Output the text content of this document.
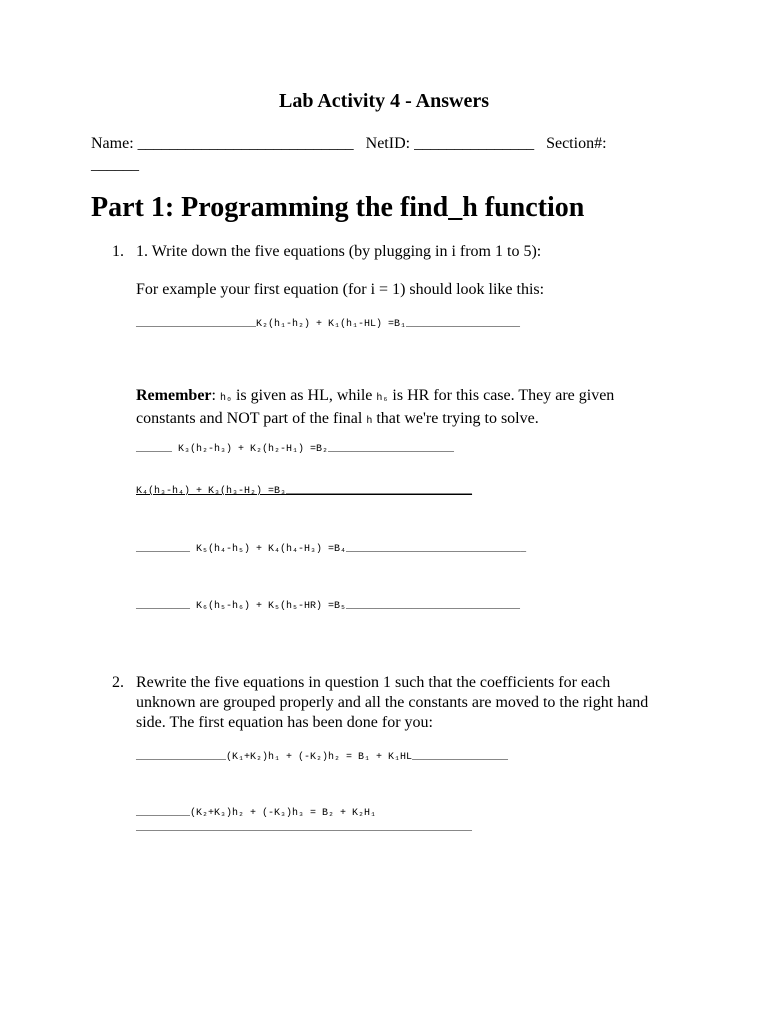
Lab Activity 4 - Answers
Name: ___________________________   NetID: _______________   Section#:
______
Part 1: Programming the find_h function
1. 1. Write down the five equations (by plugging in i from 1 to 5):
For example your first equation (for i = 1) should look like this:
____________________K₂(h₁-h₂) + K₁(h₁-HL) =B₁___________________
Remember: h₀ is given as HL, while h₆ is HR for this case. They are given constants and NOT part of the final h that we're trying to solve.
______ K₃(h₂-h₃) + K₂(h₂-H₁) =B₂_____________________
K₄(h₃-h₄) + K₃(h₃-H₂) =B₃_______________________________
_________ K₅(h₄-h₅) + K₄(h₄-H₃) =B₄______________________________
_________ K₆(h₅-h₆) + K₅(h₅-HR) =B₅_____________________________
2. Rewrite the five equations in question 1 such that the coefficients for each unknown are grouped properly and all the constants are moved to the right hand side. The first equation has been done for you:
_______________(K₁+K₂)h₁ + (-K₂)h₂ = B₁ + K₁HL________________
_________(K₂+K₃)h₂ + (-K₃)h₃ = B₂ + K₂H₁
________________________________________________________
